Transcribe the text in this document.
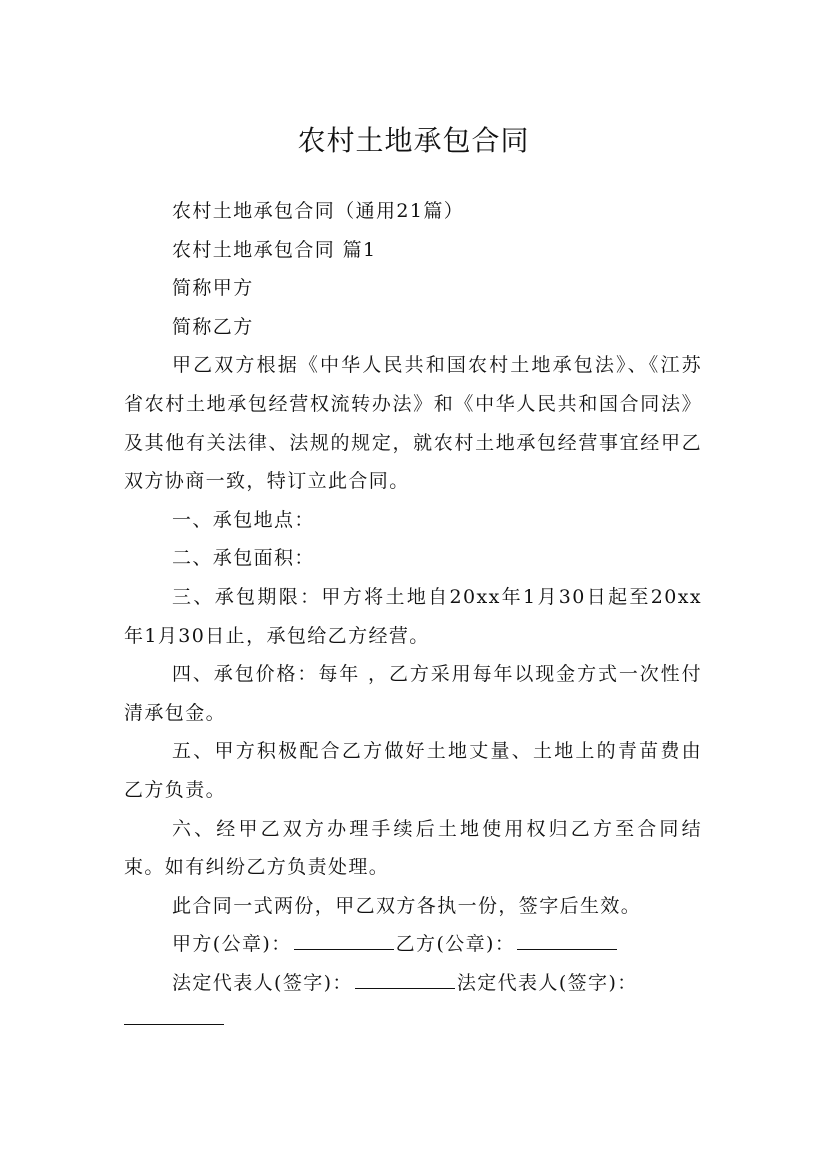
农村土地承包合同

农村土地承包合同（通用21篇）

农村土地承包合同 篇1

简称甲方

简称乙方

甲乙双方根据《中华人民共和国农村土地承包法》、《江苏省农村土地承包经营权流转办法》和《中华人民共和国合同法》及其他有关法律、法规的规定，就农村土地承包经营事宜经甲乙双方协商一致，特订立此合同。

一、承包地点：

二、承包面积：

三、承包期限：甲方将土地自20xx年1月30日起至20xx年1月30日止，承包给乙方经营。

四、承包价格：每年 ，乙方采用每年以现金方式一次性付清承包金。

五、甲方积极配合乙方做好土地丈量、土地上的青苗费由乙方负责。

六、经甲乙双方办理手续后土地使用权归乙方至合同结束。如有纠纷乙方负责处理。

此合同一式两份，甲乙双方各执一份，签字后生效。

甲方(公章)：	乙方(公章)：

法定代表人(签字)：	法定代表人(签字)：
